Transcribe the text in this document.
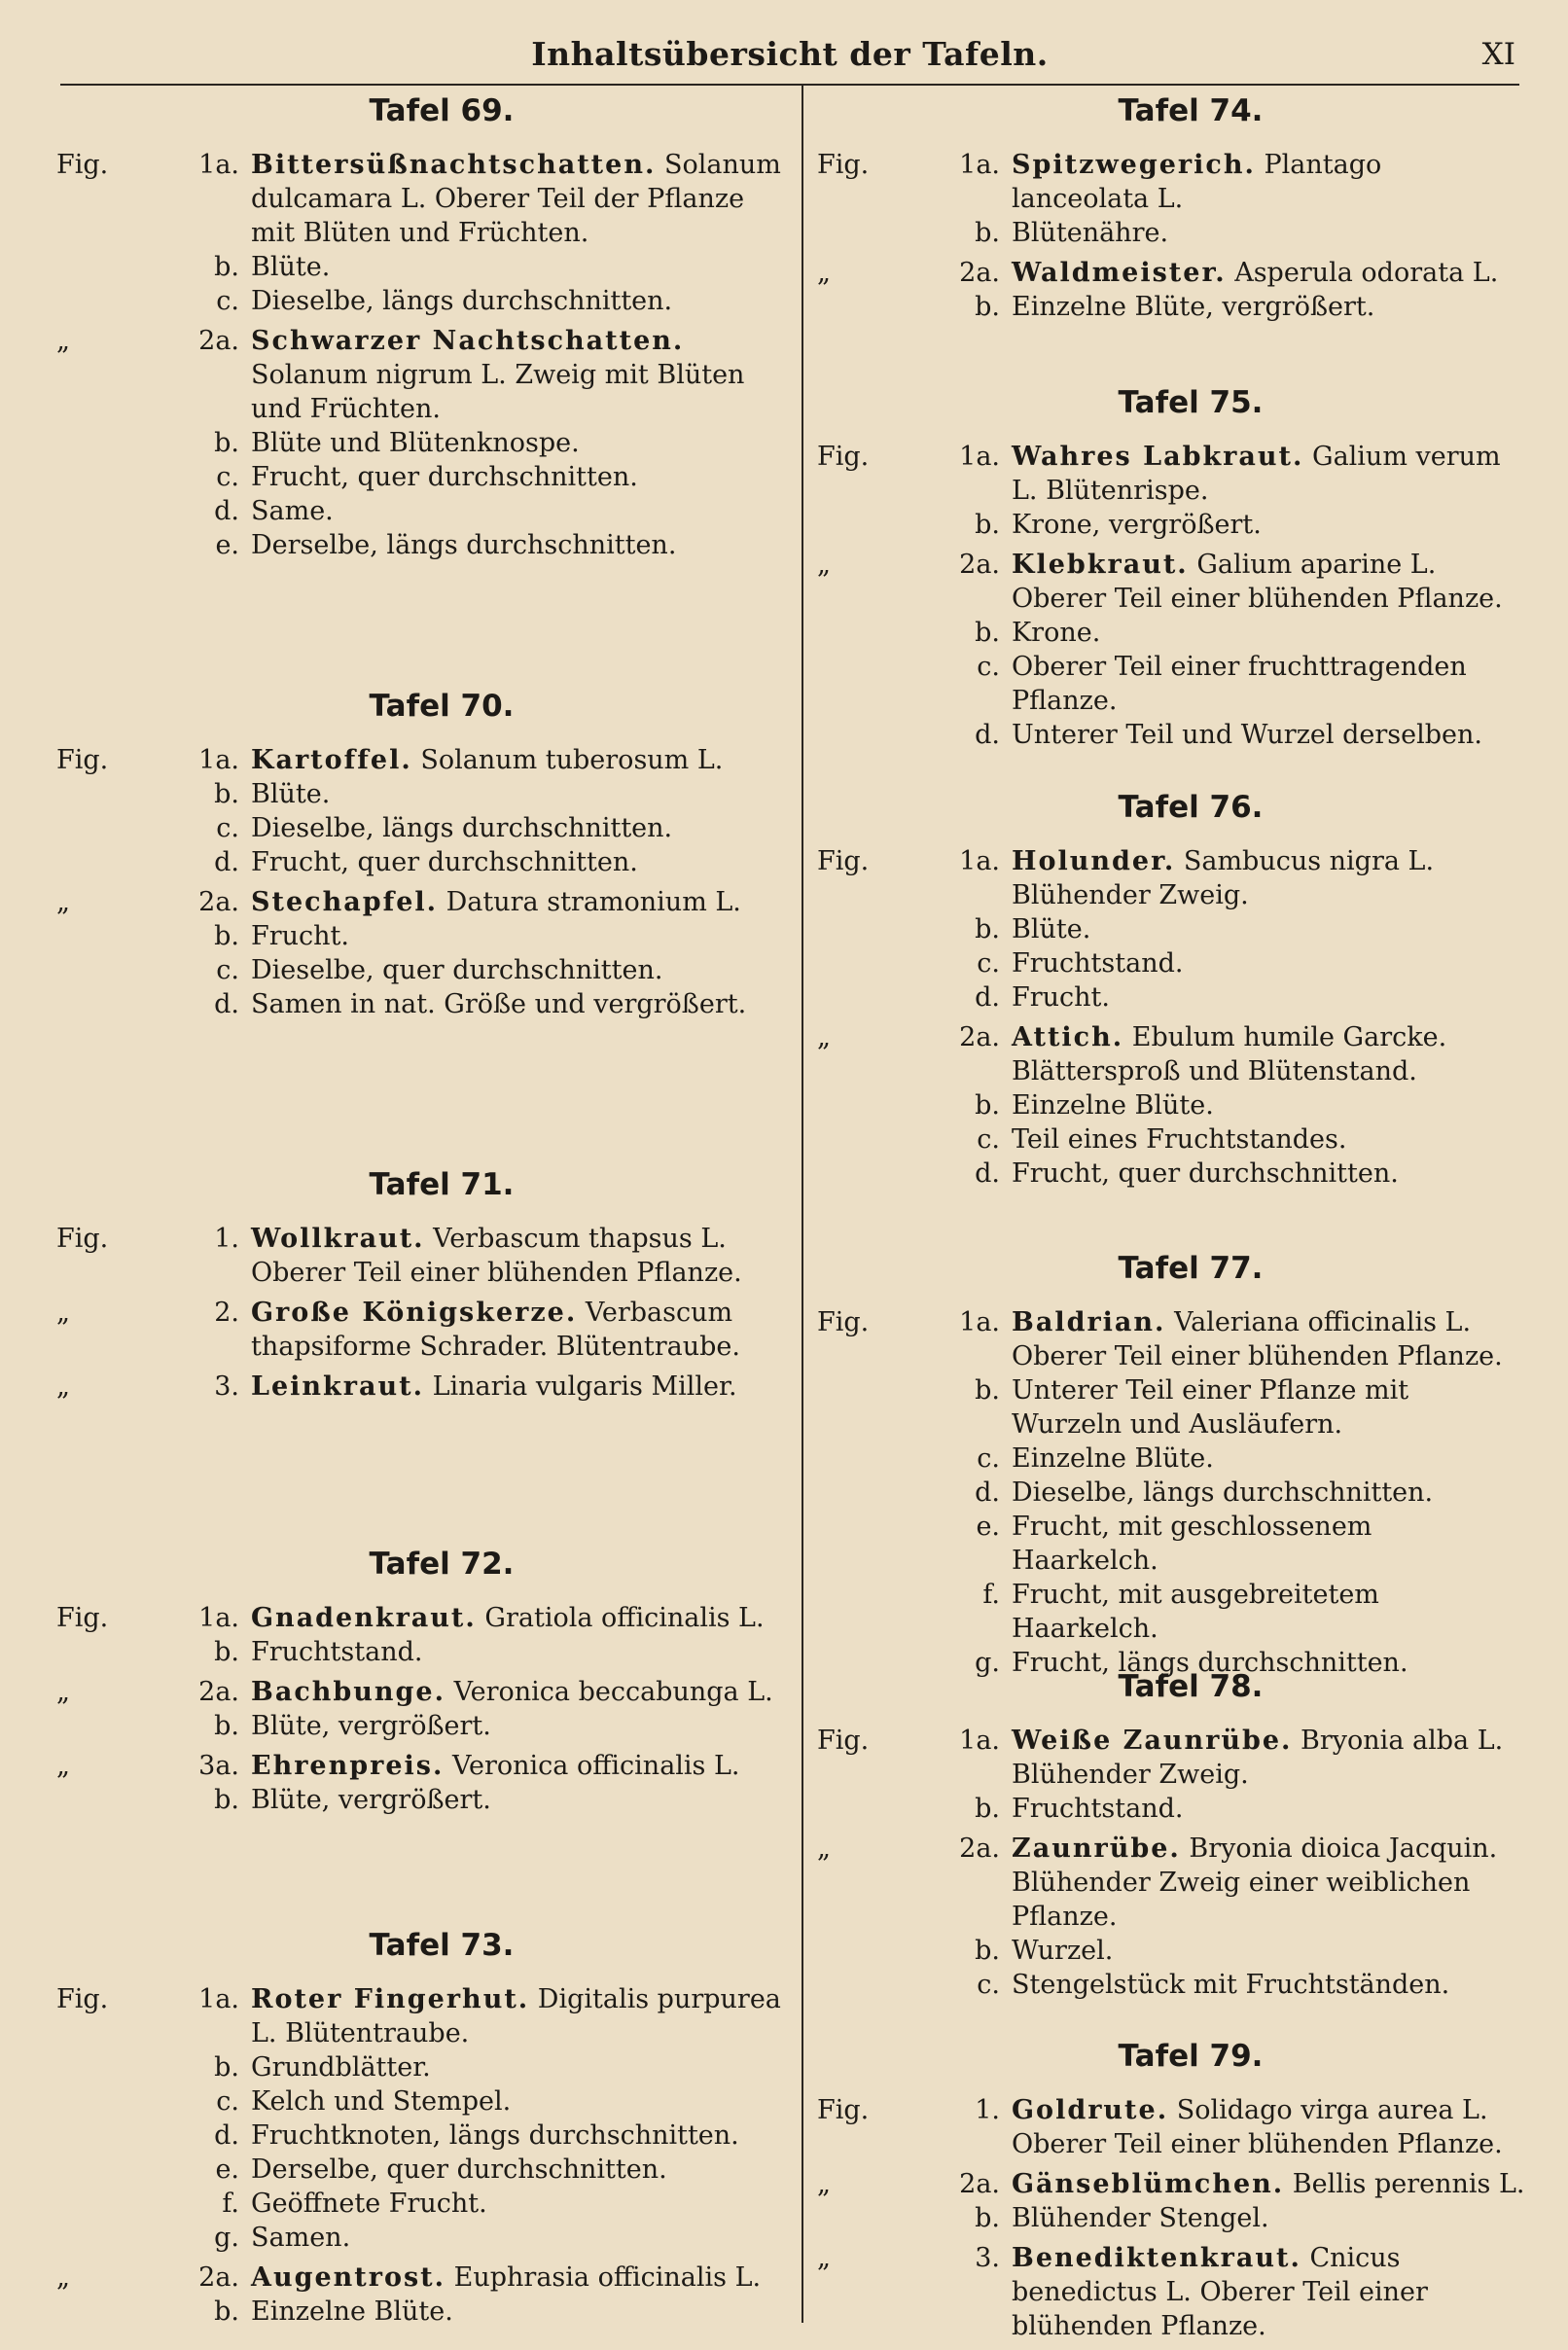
Inhaltsübersicht der Tafeln.	XI
Tafel 69.
Fig.	1a. Bittersüßnachtschatten. Solanum dulcamara L. Oberer Teil der Pflanze mit Blüten und Früchten.
b. Blüte.
c. Dieselbe, längs durchschnitten.
„	2a. Schwarzer Nachtschatten. Solanum nigrum L. Zweig mit Blüten und Früchten.
b. Blüte und Blütenknospe.
c. Frucht, quer durchschnitten.
d. Same.
e. Derselbe, längs durchschnitten.
Tafel 70.
Fig.	1a. Kartoffel. Solanum tuberosum L.
b. Blüte.
c. Dieselbe, längs durchschnitten.
d. Frucht, quer durchschnitten.
„	2a. Stechapfel. Datura stramonium L.
b. Frucht.
c. Dieselbe, quer durchschnitten.
d. Samen in nat. Größe und vergrößert.
Tafel 71.
Fig.	1. Wollkraut. Verbascum thapsus L. Oberer Teil einer blühenden Pflanze.
„	2. Große Königskerze. Verbascum thapsiforme Schrader. Blütentraube.
„	3. Leinkraut. Linaria vulgaris Miller.
Tafel 72.
Fig.	1a. Gnadenkraut. Gratiola officinalis L.
b. Fruchtstand.
„	2a. Bachbunge. Veronica beccabunga L.
b. Blüte, vergrößert.
„	3a. Ehrenpreis. Veronica officinalis L.
b. Blüte, vergrößert.
Tafel 73.
Fig.	1a. Roter Fingerhut. Digitalis purpurea L. Blütentraube.
b. Grundblätter.
c. Kelch und Stempel.
d. Fruchtknoten, längs durchschnitten.
e. Derselbe, quer durchschnitten.
f. Geöffnete Frucht.
g. Samen.
„	2a. Augentrost. Euphrasia officinalis L.
b. Einzelne Blüte.
Tafel 74.
Fig.	1a. Spitzwegerich. Plantago lanceolata L.
b. Blütenähre.
„	2a. Waldmeister. Asperula odorata L.
b. Einzelne Blüte, vergrößert.
Tafel 75.
Fig.	1a. Wahres Labkraut. Galium verum L. Blütenrispe.
b. Krone, vergrößert.
„	2a. Klebkraut. Galium aparine L. Oberer Teil einer blühenden Pflanze.
b. Krone.
c. Oberer Teil einer fruchttragenden Pflanze.
d. Unterer Teil und Wurzel derselben.
Tafel 76.
Fig.	1a. Holunder. Sambucus nigra L. Blühender Zweig.
b. Blüte.
c. Fruchtstand.
d. Frucht.
„	2a. Attich. Ebulum humile Garcke. Blättersproß und Blütenstand.
b. Einzelne Blüte.
c. Teil eines Fruchtstandes.
d. Frucht, quer durchschnitten.
Tafel 77.
Fig.	1a. Baldrian. Valeriana officinalis L. Oberer Teil einer blühenden Pflanze.
b. Unterer Teil einer Pflanze mit Wurzeln und Ausläufern.
c. Einzelne Blüte.
d. Dieselbe, längs durchschnitten.
e. Frucht, mit geschlossenem Haarkelch.
f. Frucht, mit ausgebreitetem Haarkelch.
g. Frucht, längs durchschnitten.
Tafel 78.
Fig.	1a. Weiße Zaunrübe. Bryonia alba L. Blühender Zweig.
b. Fruchtstand.
„	2a. Zaunrübe. Bryonia dioica Jacquin. Blühender Zweig einer weiblichen Pflanze.
b. Wurzel.
c. Stengelstück mit Fruchtständen.
Tafel 79.
Fig.	1. Goldrute. Solidago virga aurea L. Oberer Teil einer blühenden Pflanze.
„	2a. Gänseblümchen. Bellis perennis L.
b. Blühender Stengel.
„	3. Benediktenkraut. Cnicus benedictus L. Oberer Teil einer blühenden Pflanze.
